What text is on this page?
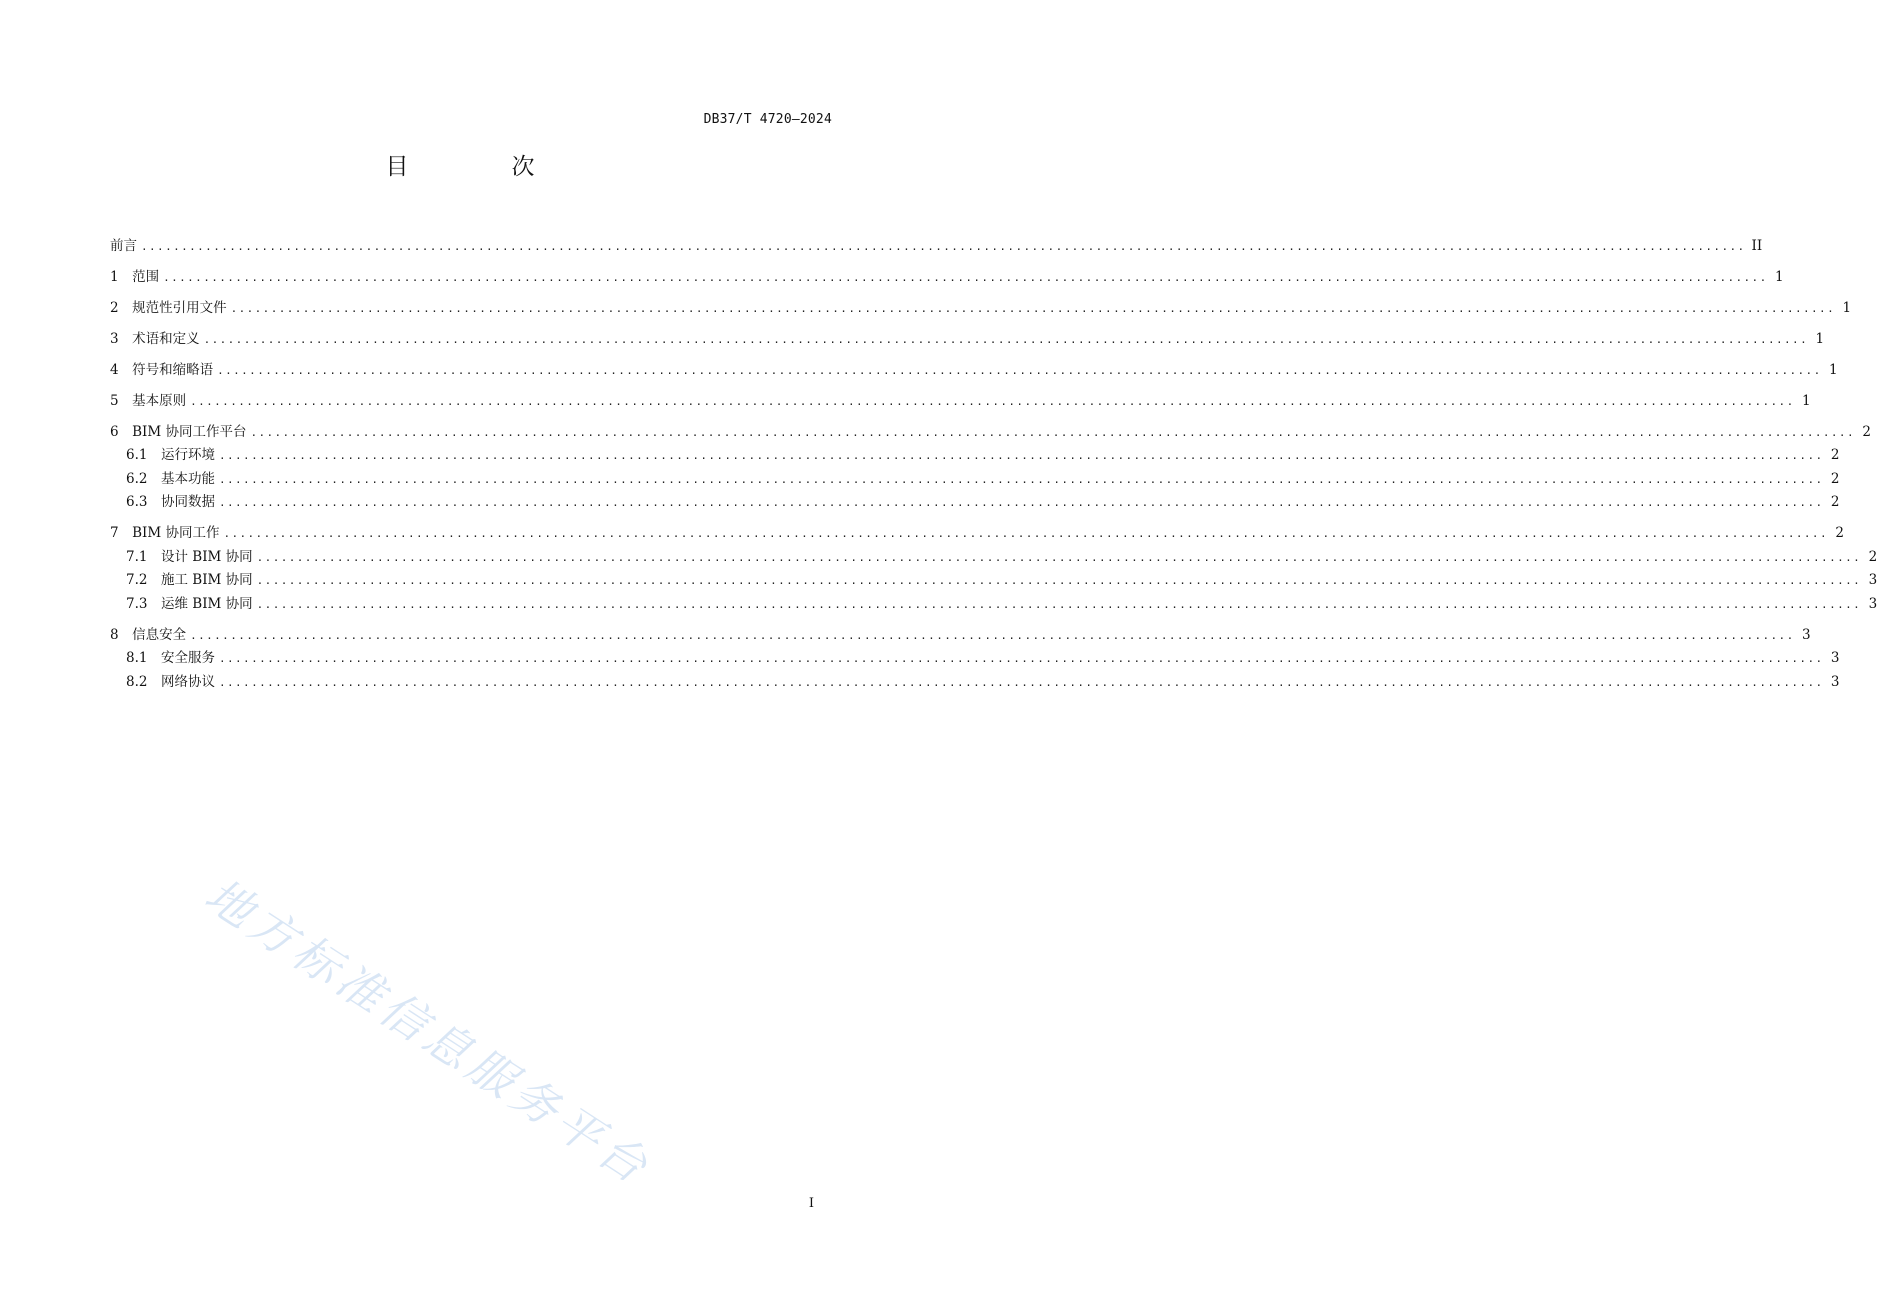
DB37/T 4720—2024
目　次
前言 ........................................................................................................................................................................................................ II
1　 范围 ........................................................................................................................................................................................................ 1
2　 规范性引用文件 ........................................................................................................................................................................................................ 1
3　 术语和定义 ........................................................................................................................................................................................................ 1
4　 符号和缩略语 ........................................................................................................................................................................................................ 1
5　 基本原则 ........................................................................................................................................................................................................ 1
6　 BIM 协同工作平台 ........................................................................................................................................................................................................ 2
6.1　 运行环境 ........................................................................................................................................................................................................ 2
6.2　 基本功能 ........................................................................................................................................................................................................ 2
6.3　 协同数据 ........................................................................................................................................................................................................ 2
7　 BIM 协同工作 ........................................................................................................................................................................................................ 2
7.1　 设计 BIM 协同 ........................................................................................................................................................................................................ 2
7.2　 施工 BIM 协同 ........................................................................................................................................................................................................ 3
7.3　 运维 BIM 协同 ........................................................................................................................................................................................................ 3
8　 信息安全 ........................................................................................................................................................................................................ 3
8.1　 安全服务 ........................................................................................................................................................................................................ 3
8.2　 网络协议 ........................................................................................................................................................................................................ 3
地方标准信息服务平台
I
